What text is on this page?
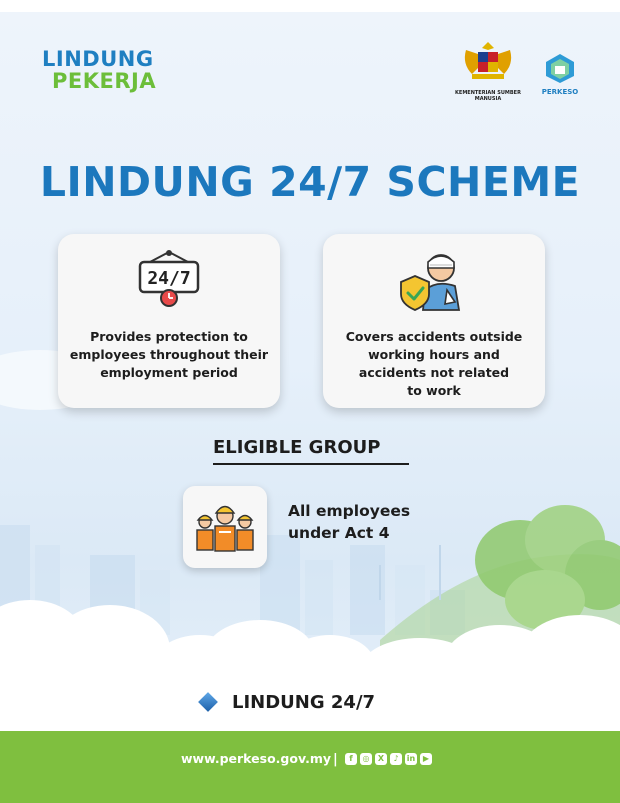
LINDUNG
PEKERJA	KEMENTERIAN SUMBER MANUSIA
PERKESO
LINDUNG 24/7 SCHEME
24/7
Provides protection to
employees throughout their
employment period
Covers accidents outside
working hours and
accidents not related
to work
ELIGIBLE GROUP
All employees
under Act 4
LINDUNG 24/7
www.perkeso.gov.my |	f	◎	X	♪	in ▶
